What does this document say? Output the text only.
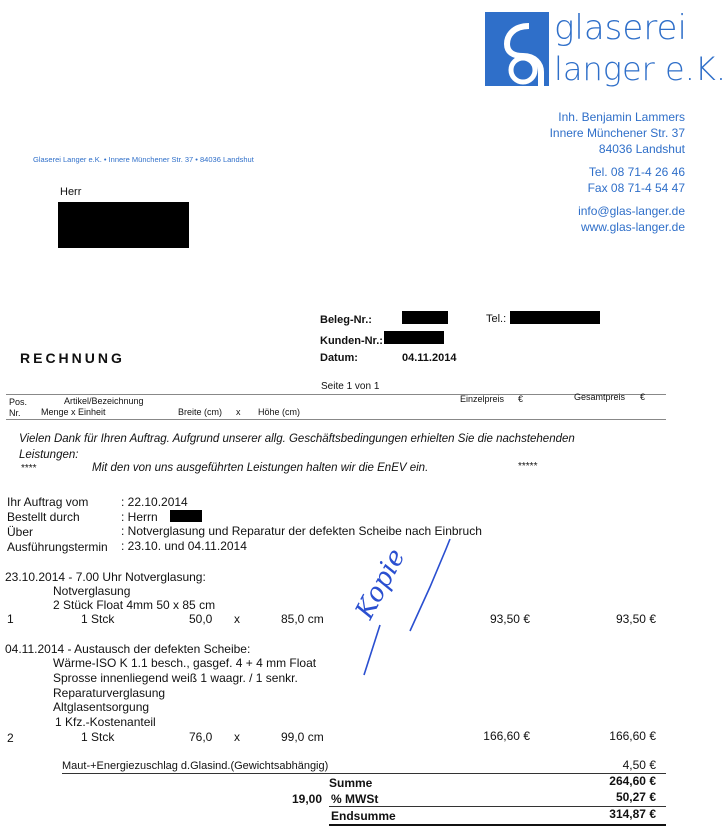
glaserei
langer e.K.
Inh. Benjamin Lammers
Innere Münchener Str. 37
84036 Landshut
Tel. 08 71-4 26 46
Fax 08 71-4 54 47
info@glas-langer.de
www.glas-langer.de
Glaserei Langer e.K. • Innere Münchener Str. 37 • 84036 Landshut
Herr
Beleg-Nr.:	Tel.:
Kunden-Nr.:
Datum:	04.11.2014
RECHNUNG
Seite 1 von 1
Pos.
Nr.
Artikel/Bezeichnung
Menge x Einheit	Breite (cm) x Höhe (cm)
Einzelpreis €	Gesamtpreis €
Vielen Dank für Ihren Auftrag. Aufgrund unserer allg. Geschäftsbedingungen erhielten Sie die nachstehenden
Leistungen:
****	Mit den von uns ausgeführten Leistungen halten wir die EnEV ein.	*****
Ihr Auftrag vom	: 22.10.2014
Bestellt durch	: Herrn
Über	: Notverglasung und Reparatur der defekten Scheibe nach Einbruch
Ausführungstermin : 23.10. und 04.11.2014
23.10.2014 - 7.00 Uhr Notverglasung:
Notverglasung
2 Stück Float 4mm 50 x 85 cm
1	1 Stck	50,0 x	85,0 cm	93,50 €	93,50 €
04.11.2014 - Austausch der defekten Scheibe:
Wärme-ISO K 1.1 besch., gasgef. 4 + 4 mm Float
Sprosse innenliegend weiß 1 waagr. / 1 senkr.
Reparaturverglasung
Altglasentsorgung
1 Kfz.-Kostenanteil
2	1 Stck	76,0 x	99,0 cm	166,60 €	166,60 €
Maut-+Energiezuschlag d.Glasind.(Gewichtsabhängig)	4,50 €
Summe	264,60 €
19,00 % MWSt	50,27 €
Endsumme	314,87 €
Kopie
